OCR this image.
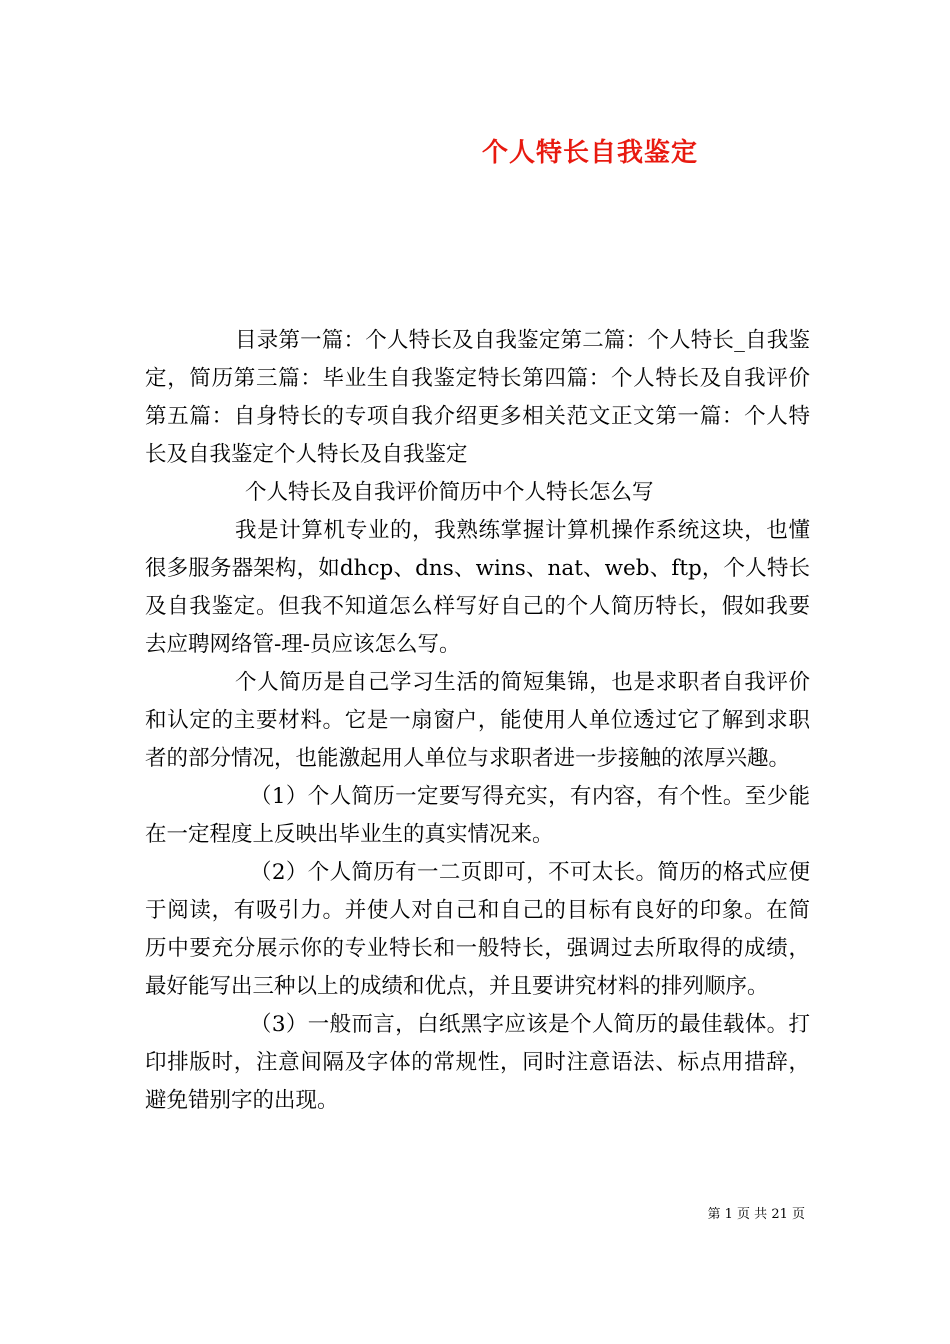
个人特长自我鉴定

目录第一篇：个人特长及自我鉴定第二篇：个人特长_自我鉴定，简历第三篇：毕业生自我鉴定特长第四篇：个人特长及自我评价第五篇：自身特长的专项自我介绍更多相关范文正文第一篇：个人特长及自我鉴定个人特长及自我鉴定

个人特长及自我评价简历中个人特长怎么写

我是计算机专业的，我熟练掌握计算机操作系统这块，也懂很多服务器架构，如dhcp、dns、wins、nat、web、ftp，个人特长及自我鉴定。但我不知道怎么样写好自己的个人简历特长，假如我要去应聘网络管-理-员应该怎么写。

个人简历是自己学习生活的简短集锦，也是求职者自我评价和认定的主要材料。它是一扇窗户，能使用人单位透过它了解到求职者的部分情况，也能激起用人单位与求职者进一步接触的浓厚兴趣。

（1）个人简历一定要写得充实，有内容，有个性。至少能在一定程度上反映出毕业生的真实情况来。

（2）个人简历有一二页即可，不可太长。简历的格式应便于阅读，有吸引力。并使人对自己和自己的目标有良好的印象。在简历中要充分展示你的专业特长和一般特长，强调过去所取得的成绩，最好能写出三种以上的成绩和优点，并且要讲究材料的排列顺序。

（3）一般而言，白纸黑字应该是个人简历的最佳载体。打印排版时，注意间隔及字体的常规性，同时注意语法、标点用措辞，避免错别字的出现。

第 1 页 共 21 页
